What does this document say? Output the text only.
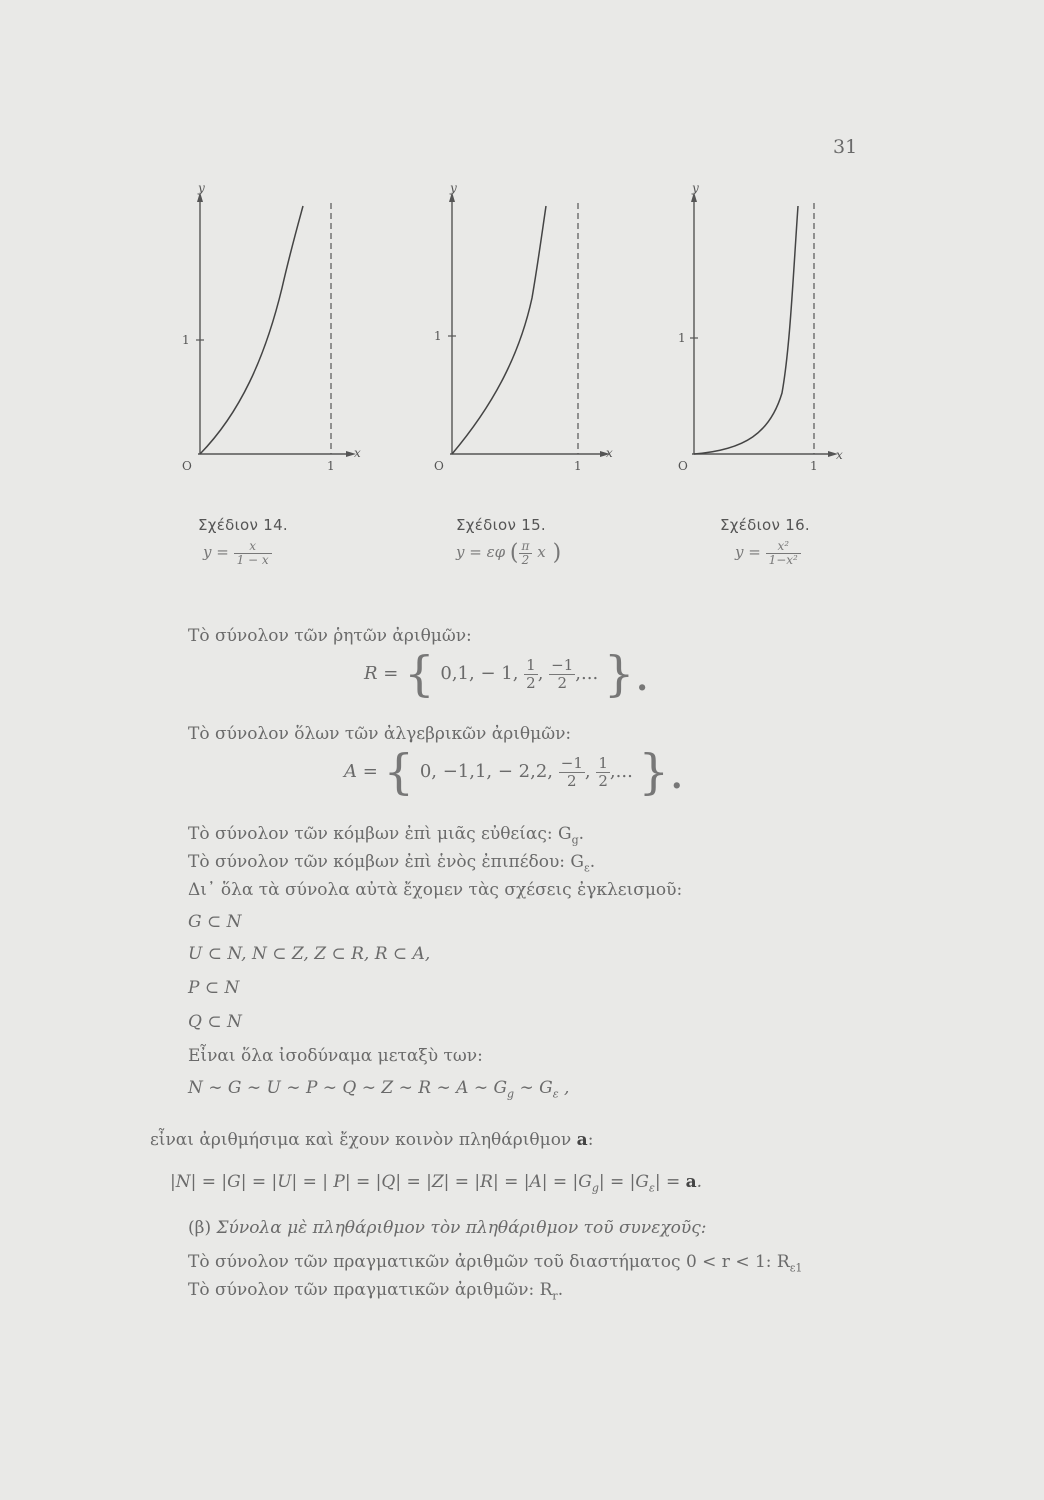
31
y
1
O	1
x
y
1
O	1
x
y
1
O	1
x
Σχέδιον 14.	Σχέδιον 15.	Σχέδιον 16.
$y = \frac{x}{1 - x}$	y = εφ ( $\frac{\pi}{2}$ x )	$y = \frac{\text{x²}}{\text{1−x²}}$
Τὸ σύνολον τῶν ῥητῶν ἀριθμῶν:
R = { 0,1, − 1, $\frac{1}{2}$ , $\frac{-1}{2}$ ,... }.
Τὸ σύνολον ὅλων τῶν ἀλγεβρικῶν ἀριθμῶν:
A = { 0, −1,1, − 2,2, $\frac{-1}{2}$ , $\frac{1}{2}$ ,... }.
Τὸ σύνολον τῶν κόμβων ἐπὶ μιᾶς εὐθείας: $G_g$.
Τὸ σύνολον τῶν κόμβων ἐπὶ ἑνὸς ἐπιπέδου: $G_\varepsilon$.
Δι᾽ ὅλα τὰ σύνολα αὐτὰ ἔχομεν τὰς σχέσεις ἐγκλεισμοῦ:
G ⊂ N
U ⊂ N, N ⊂ Z, Z ⊂ R, R ⊂ A,
P ⊂ N
Q ⊂ N
Εἶναι ὅλα ἰσοδύναμα μεταξὺ των:
N ∼ G ∼ U ∼ P ∼ Q ∼ Z ∼ R ∼ A ∼ $G_g$ ∼ $G_\varepsilon$ ,
εἶναι ἀριθμήσιμα καὶ ἔχουν κοινὸν πληθάριθμον a:
|N| = |G| = |U| = | $P| = |Q| = |Z| = |R| = |A| = |G_g| = |G_\varepsilon| = a$.
(β) Σύνολα μὲ πληθάριθμον τὸν πληθάριθμον τοῦ συνεχοῦς:
Τὸ σύνολον τῶν πραγματικῶν ἀριθμῶν τοῦ διαστήματος 0 < r < 1: $R_{\varepsilon 1}$
Τὸ σύνολον τῶν πραγματικῶν ἀριθμῶν: $R_r$.
